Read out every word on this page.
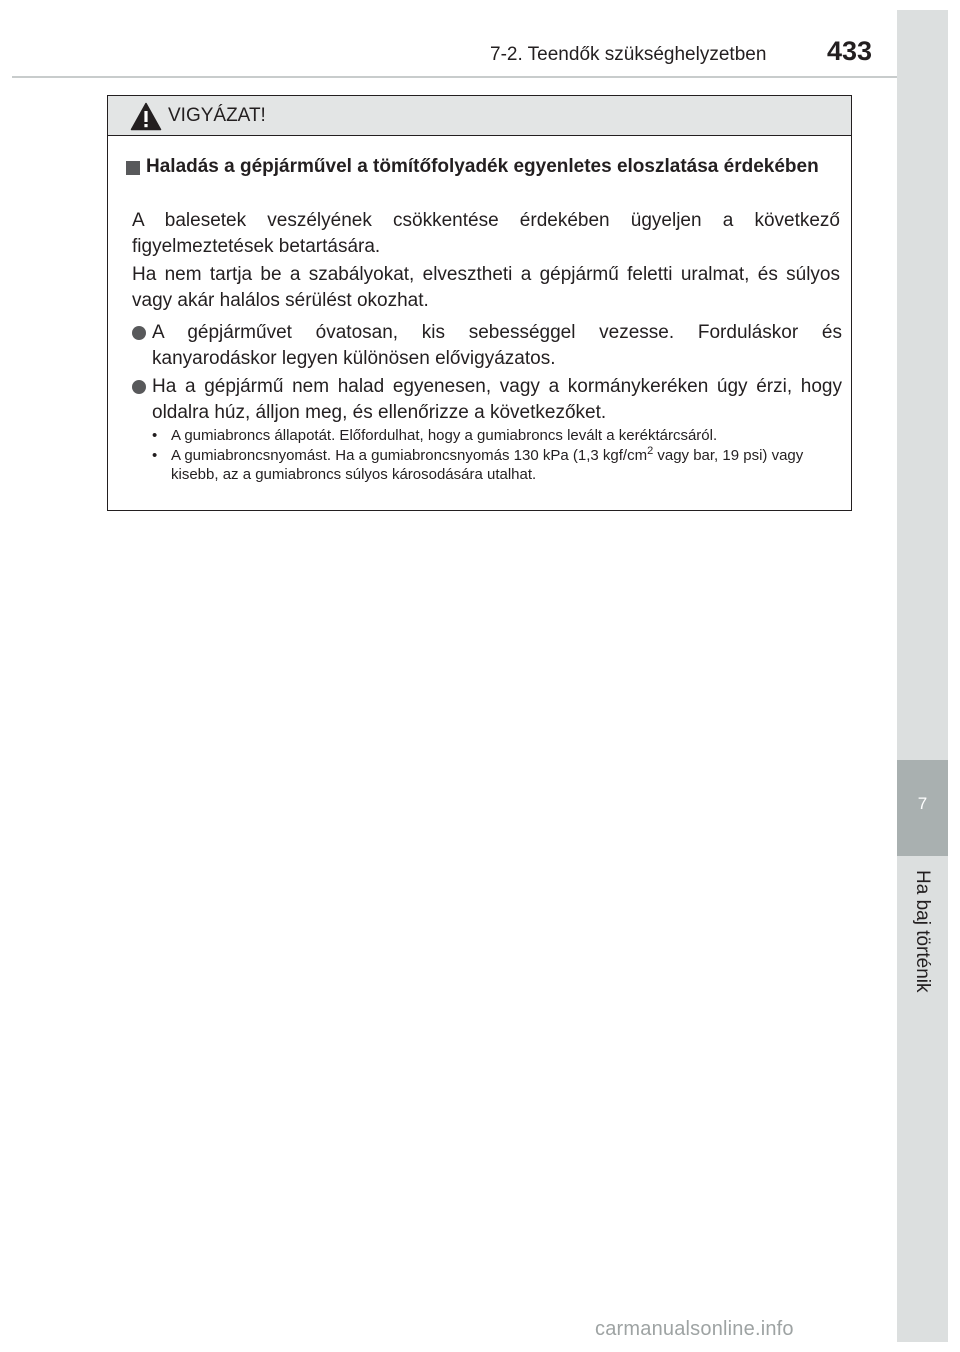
7-2. Teendők szükséghelyzetben 433
7
Ha baj történik
VIGYÁZAT!
Haladás a gépjárművel a tömítőfolyadék egyenletes eloszlatása érdekében
A balesetek veszélyének csökkentése érdekében ügyeljen a következő figyelmeztetések betartására.
Ha nem tartja be a szabályokat, elvesztheti a gépjármű feletti uralmat, és súlyos vagy akár halálos sérülést okozhat.
A gépjárművet óvatosan, kis sebességgel vezesse. Forduláskor és kanyarodáskor legyen különösen elővigyázatos.
Ha a gépjármű nem halad egyenesen, vagy a kormánykeréken úgy érzi, hogy oldalra húz, álljon meg, és ellenőrizze a következőket.
• A gumiabroncs állapotát. Előfordulhat, hogy a gumiabroncs levált a keréktárcsáról.
• A gumiabroncsnyomást. Ha a gumiabroncsnyomás 130 kPa (1,3 kgf/$cm^2$ vagy bar, 19 psi) vagy kisebb, az a gumiabroncs súlyos károsodására utalhat.
carmanualsonline.info
